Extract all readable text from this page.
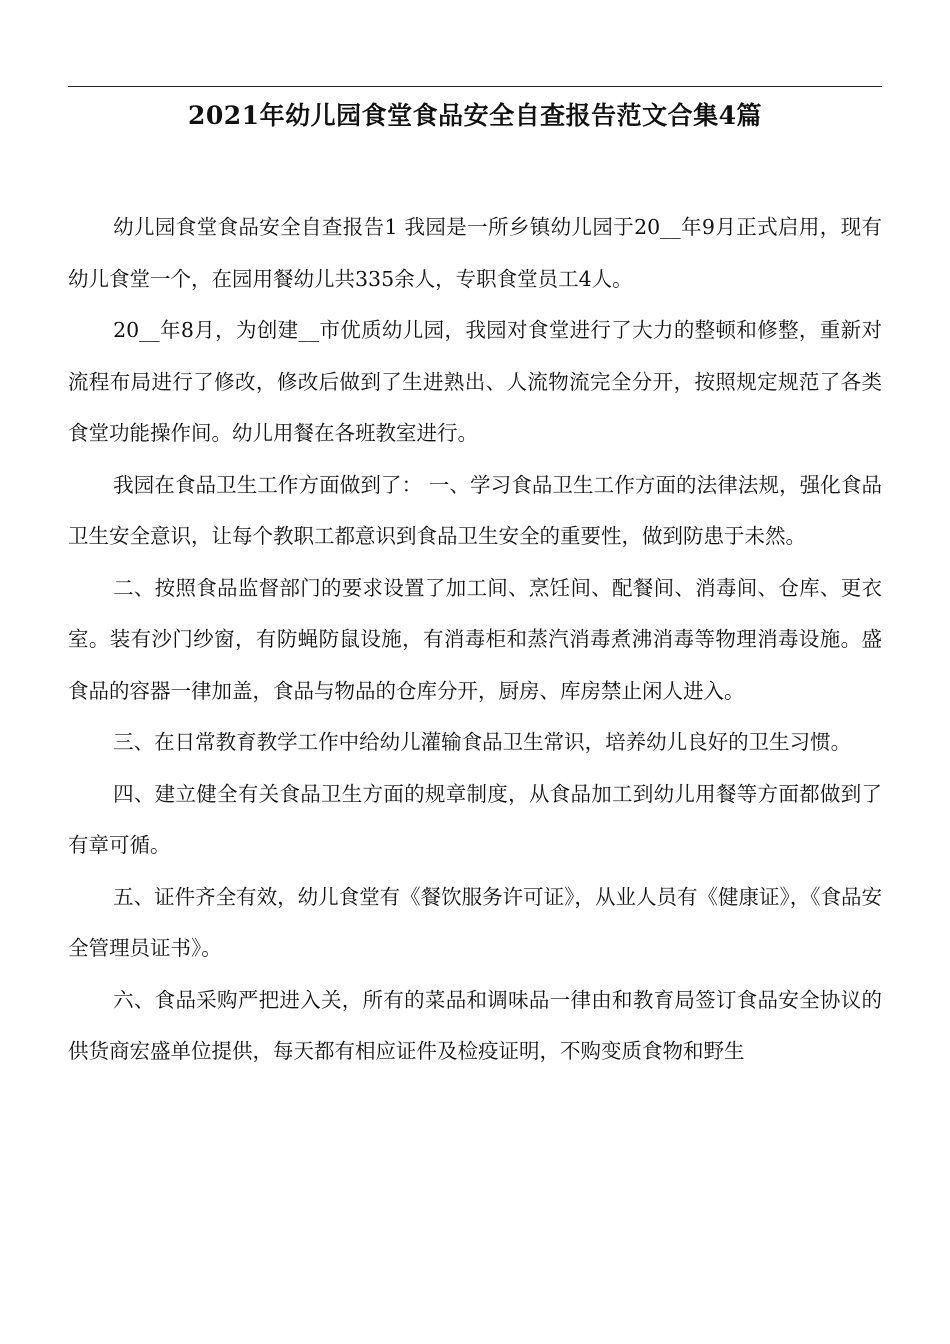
2021年幼儿园食堂食品安全自查报告范文合集4篇

幼儿园食堂食品安全自查报告1 我园是一所乡镇幼儿园于20__年9月正式启用，现有幼儿食堂一个，在园用餐幼儿共335余人，专职食堂员工4人。

20__年8月，为创建__市优质幼儿园，我园对食堂进行了大力的整顿和修整，重新对流程布局进行了修改，修改后做到了生进熟出、人流物流完全分开，按照规定规范了各类食堂功能操作间。幼儿用餐在各班教室进行。

我园在食品卫生工作方面做到了： 一、学习食品卫生工作方面的法律法规，强化食品卫生安全意识，让每个教职工都意识到食品卫生安全的重要性，做到防患于未然。

二、按照食品监督部门的要求设置了加工间、烹饪间、配餐间、消毒间、仓库、更衣室。装有沙门纱窗，有防蝇防鼠设施，有消毒柜和蒸汽消毒煮沸消毒等物理消毒设施。盛食品的容器一律加盖，食品与物品的仓库分开，厨房、库房禁止闲人进入。

三、在日常教育教学工作中给幼儿灌输食品卫生常识，培养幼儿良好的卫生习惯。

四、建立健全有关食品卫生方面的规章制度，从食品加工到幼儿用餐等方面都做到了有章可循。

五、证件齐全有效，幼儿食堂有《餐饮服务许可证》，从业人员有《健康证》，《食品安全管理员证书》。

六、食品采购严把进入关，所有的菜品和调味品一律由和教育局签订食品安全协议的供货商宏盛单位提供，每天都有相应证件及检疫证明，不购变质食物和野生
